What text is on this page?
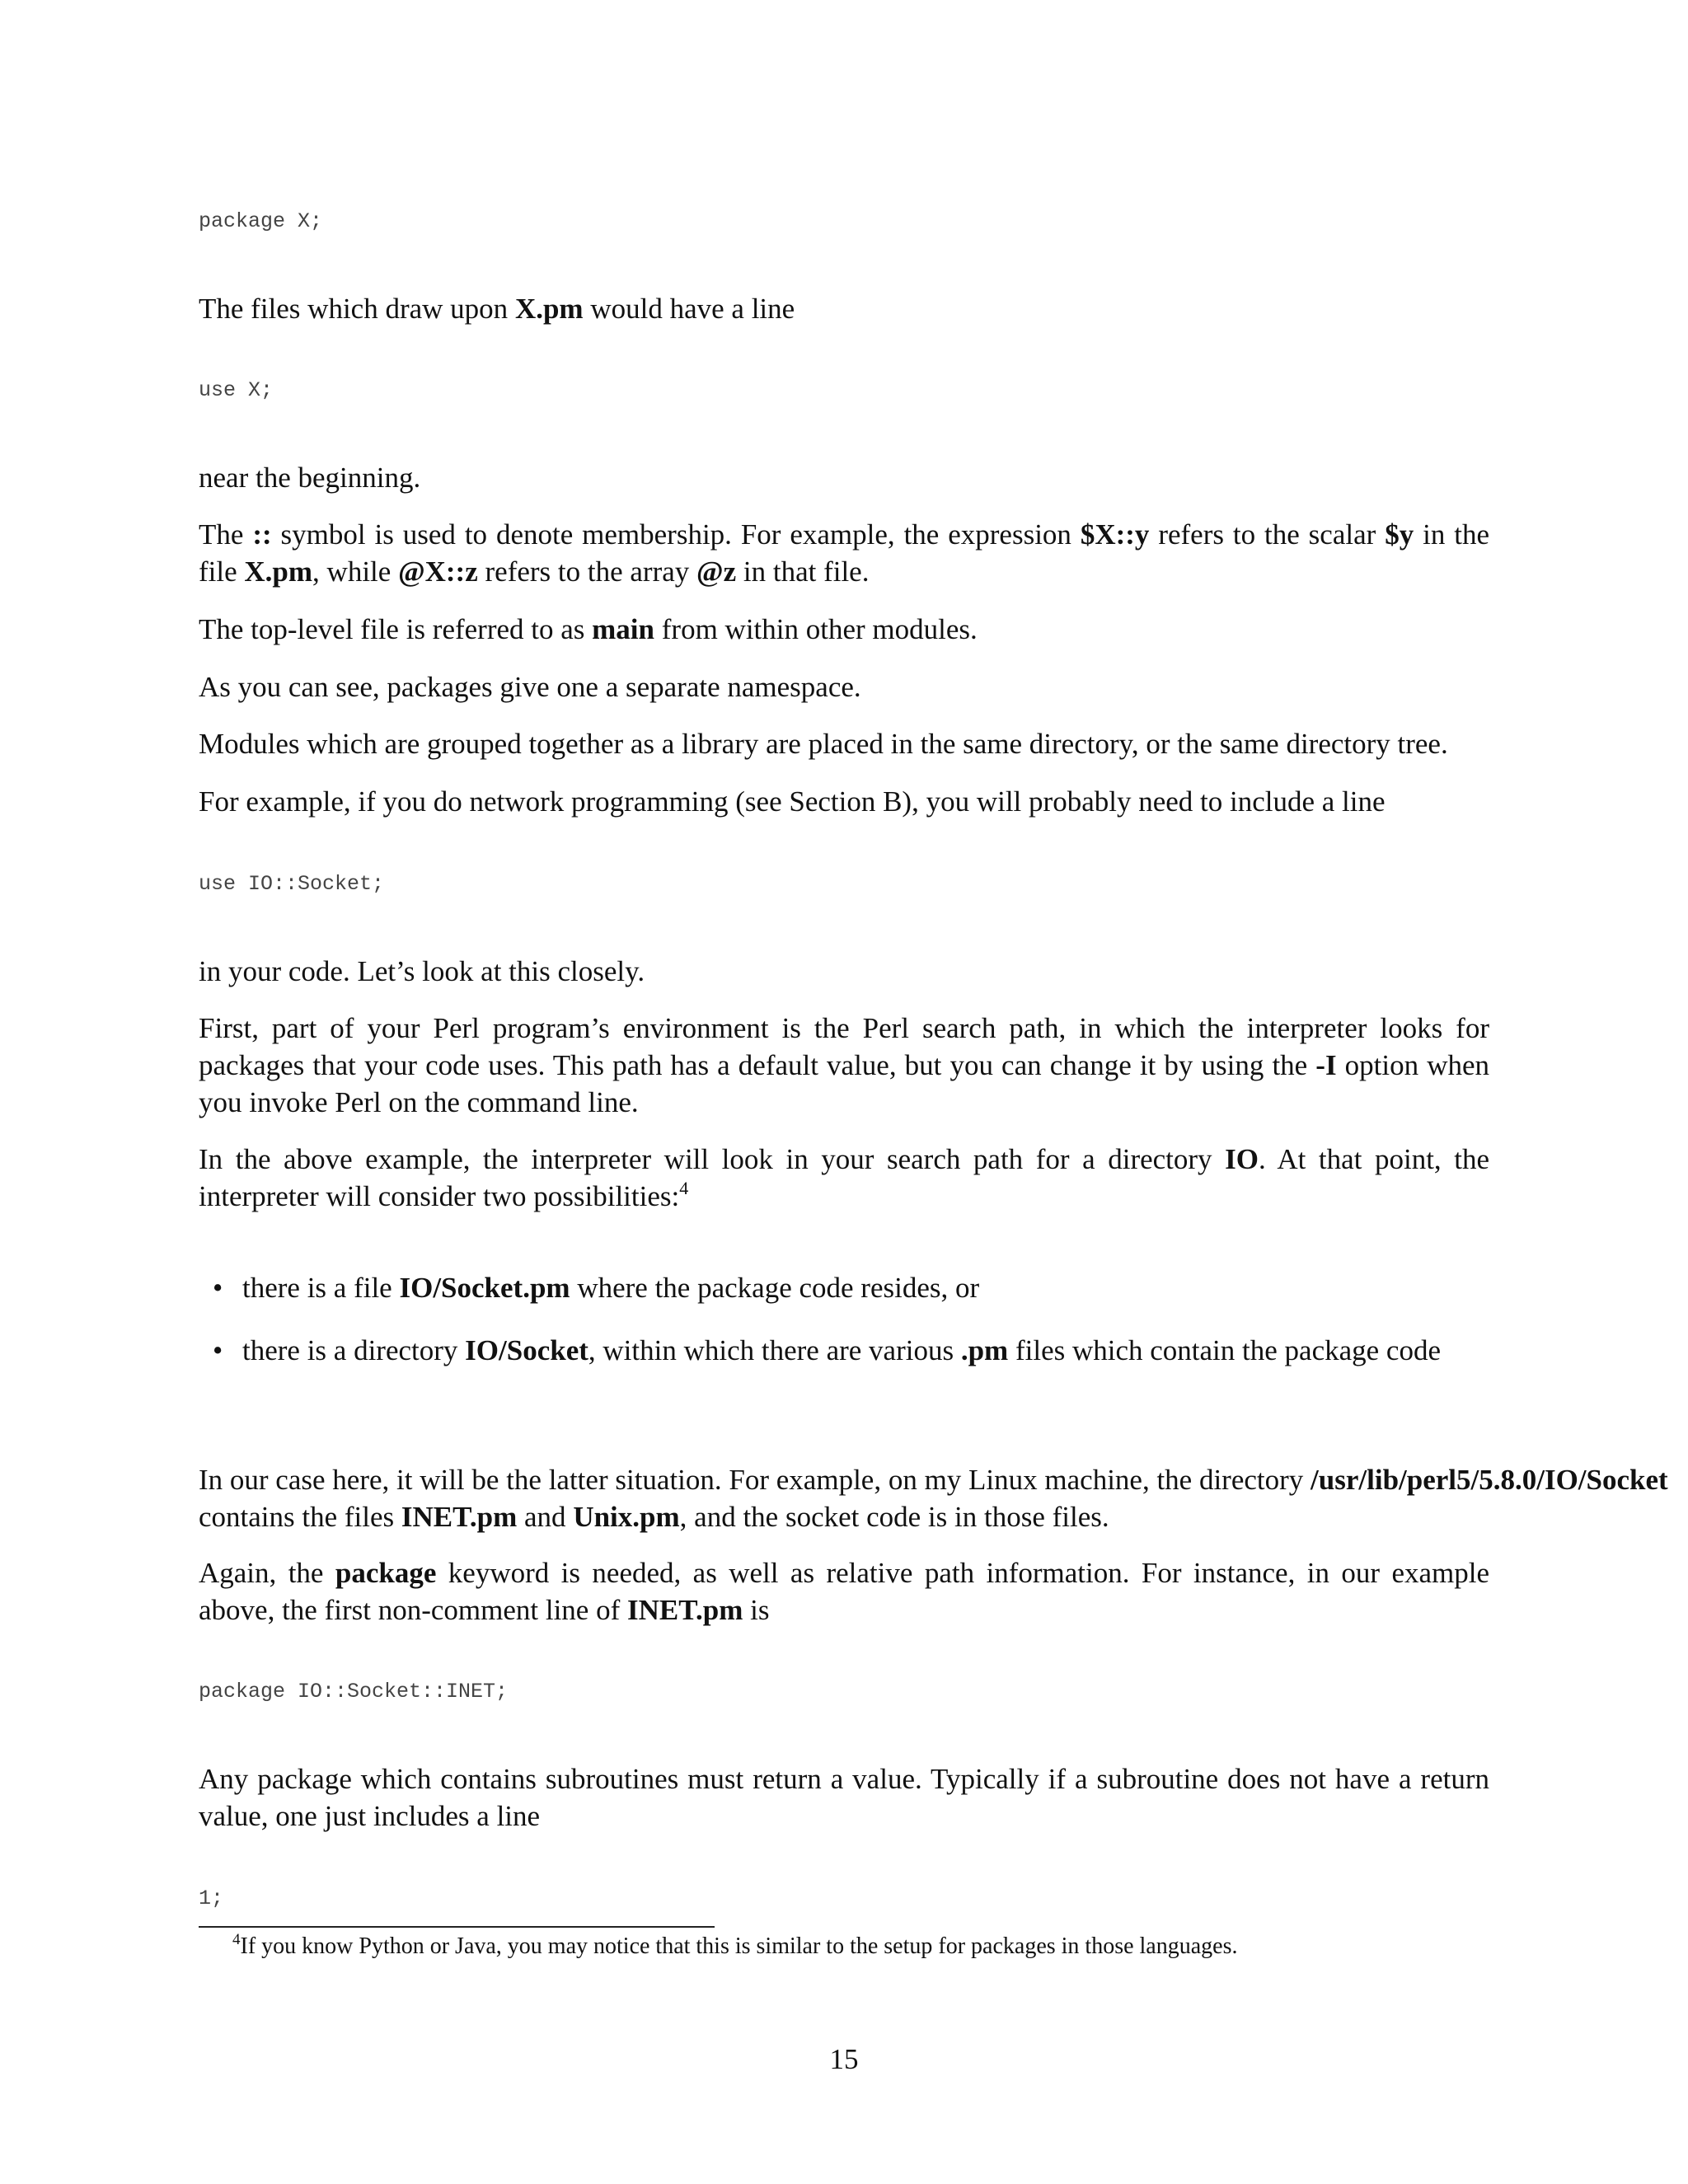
package X;

The files which draw upon X.pm would have a line

use X;

near the beginning.

The :: symbol is used to denote membership. For example, the expression $X::y refers to the scalar $y in the file X.pm, while @X::z refers to the array @z in that file.

The top-level file is referred to as main from within other modules.

As you can see, packages give one a separate namespace.

Modules which are grouped together as a library are placed in the same directory, or the same directory tree.

For example, if you do network programming (see Section B), you will probably need to include a line

use IO::Socket;

in your code. Let’s look at this closely.

First, part of your Perl program’s environment is the Perl search path, in which the interpreter looks for packages that your code uses. This path has a default value, but you can change it by using the -I option when you invoke Perl on the command line.

In the above example, the interpreter will look in your search path for a directory IO. At that point, the interpreter will consider two possibilities:$^4$

• there is a file IO/Socket.pm where the package code resides, or
• there is a directory IO/Socket, within which there are various .pm files which contain the package code

In our case here, it will be the latter situation. For example, on my Linux machine, the directory /usr/lib/perl5/5.8.0/IO/Socket

contains the files INET.pm and Unix.pm, and the socket code is in those files.

Again, the package keyword is needed, as well as relative path information. For instance, in our example above, the first non-comment line of INET.pm is

package IO::Socket::INET;

Any package which contains subroutines must return a value. Typically if a subroutine does not have a return value, one just includes a line

1;

$^4$If you know Python or Java, you may notice that this is similar to the setup for packages in those languages.

15
